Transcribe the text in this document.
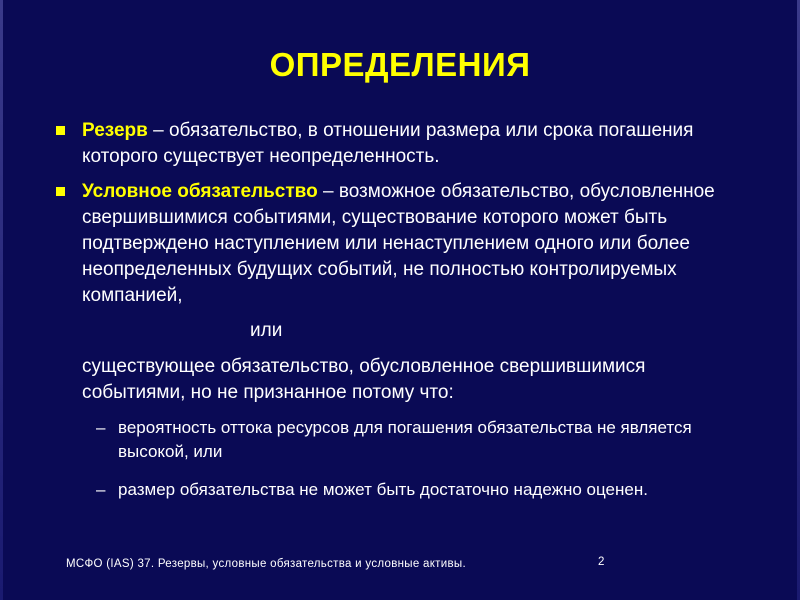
ОПРЕДЕЛЕНИЯ
Резерв – обязательство, в отношении размера или срока погашения которого существует неопределенность.
Условное обязательство – возможное обязательство, обусловленное свершившимися событиями, существование которого может быть подтверждено наступлением или ненаступлением одного или более неопределенных будущих событий, не полностью контролируемых компанией,
или
существующее обязательство, обусловленное свершившимися событиями, но не признанное потому что:
– вероятность оттока ресурсов для погашения обязательства не является высокой, или
– размер обязательства не может быть достаточно надежно оценен.
МСФО (IAS) 37. Резервы, условные обязательства и условные активы.	2
